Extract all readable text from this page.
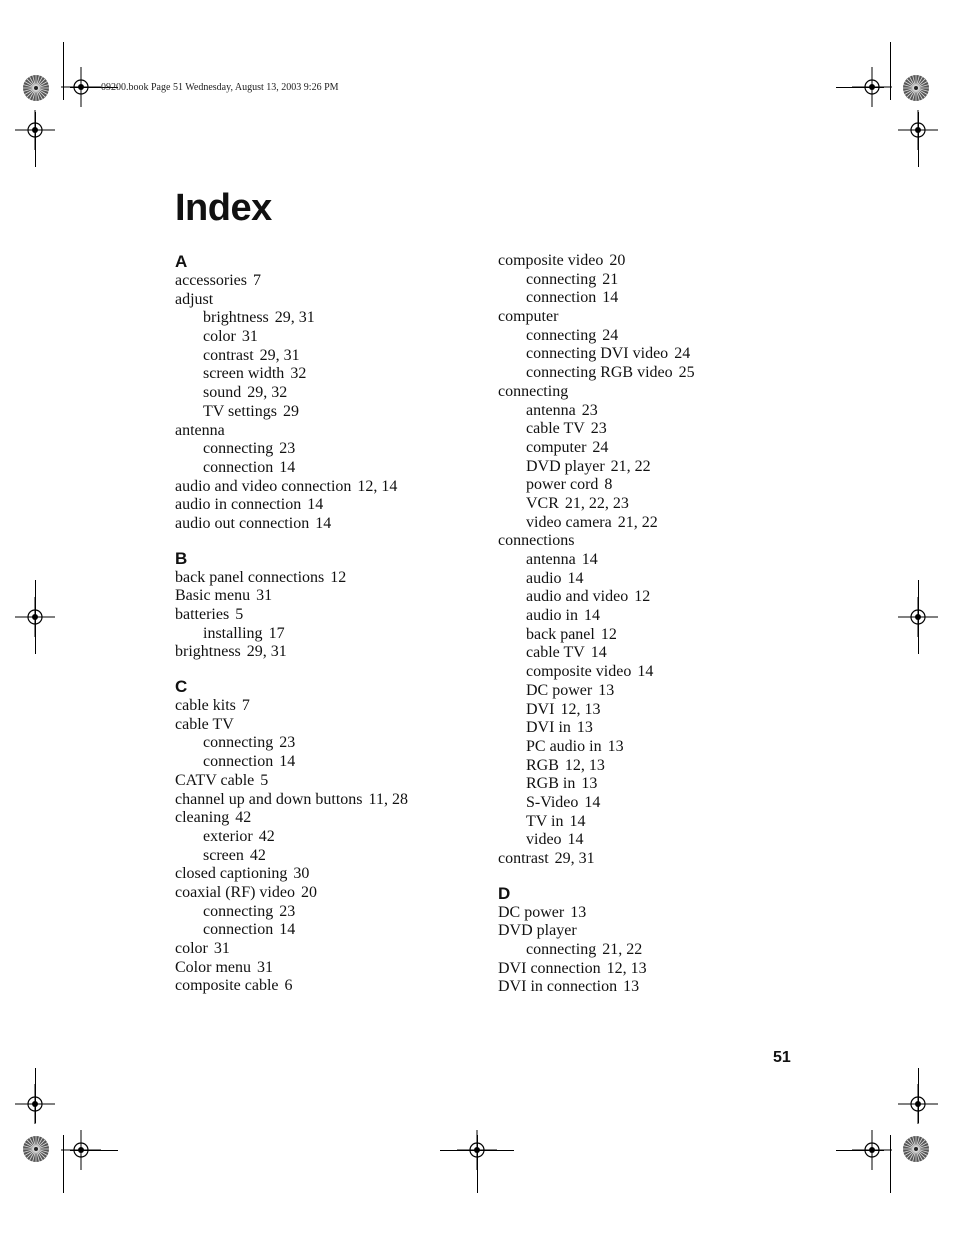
09200.book Page 51 Wednesday, August 13, 2003 9:26 PM
Index
A
accessories 7
adjust
brightness 29, 31
color 31
contrast 29, 31
screen width 32
sound 29, 32
TV settings 29
antenna
connecting 23
connection 14
audio and video connection 12, 14
audio in connection 14
audio out connection 14
B
back panel connections 12
Basic menu 31
batteries 5
installing 17
brightness 29, 31
C
cable kits 7
cable TV
connecting 23
connection 14
CATV cable 5
channel up and down buttons 11, 28
cleaning 42
exterior 42
screen 42
closed captioning 30
coaxial (RF) video 20
connecting 23
connection 14
color 31
Color menu 31
composite cable 6
composite video 20
connecting 21
connection 14
computer
connecting 24
connecting DVI video 24
connecting RGB video 25
connecting
antenna 23
cable TV 23
computer 24
DVD player 21, 22
power cord 8
VCR 21, 22, 23
video camera 21, 22
connections
antenna 14
audio 14
audio and video 12
audio in 14
back panel 12
cable TV 14
composite video 14
DC power 13
DVI 12, 13
DVI in 13
PC audio in 13
RGB 12, 13
RGB in 13
S-Video 14
TV in 14
video 14
contrast 29, 31
D
DC power 13
DVD player
connecting 21, 22
DVI connection 12, 13
DVI in connection 13
51
